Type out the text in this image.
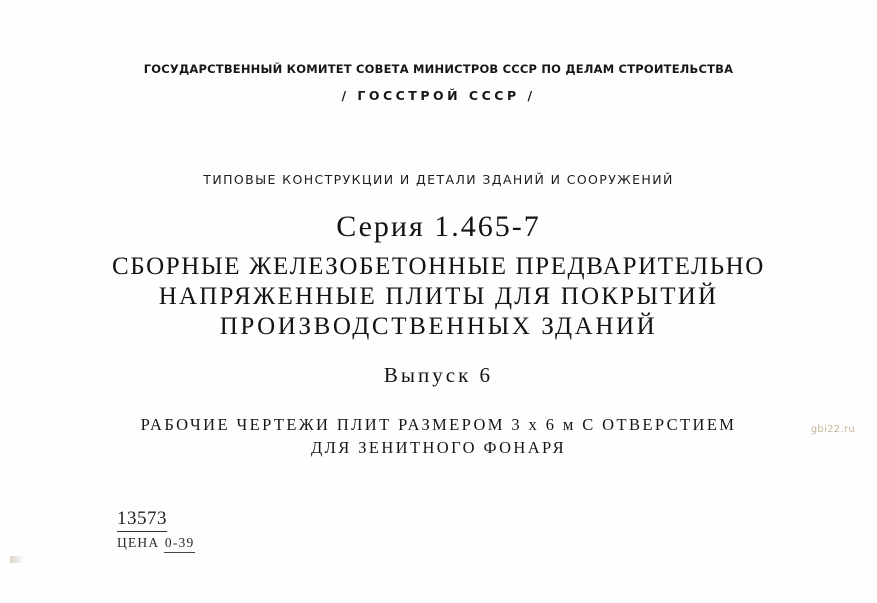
ГОСУДАРСТВЕННЫЙ КОМИТЕТ СОВЕТА МИНИСТРОВ СССР ПО ДЕЛАМ СТРОИТЕЛЬСТВА
/ ГОССТРОЙ СССР /
ТИПОВЫЕ КОНСТРУКЦИИ И ДЕТАЛИ ЗДАНИЙ И СООРУЖЕНИЙ
Серия 1.465-7
СБОРНЫЕ ЖЕЛЕЗОБЕТОННЫЕ ПРЕДВАРИТЕЛЬНО
НАПРЯЖЕННЫЕ ПЛИТЫ ДЛЯ ПОКРЫТИЙ
ПРОИЗВОДСТВЕННЫХ ЗДАНИЙ
Выпуск 6
РАБОЧИЕ ЧЕРТЕЖИ ПЛИТ РАЗМЕРОМ 3 х 6 м С ОТВЕРСТИЕМ
ДЛЯ ЗЕНИТНОГО ФОНАРЯ
13573
ЦЕНА 0-39
gbi22.ru
